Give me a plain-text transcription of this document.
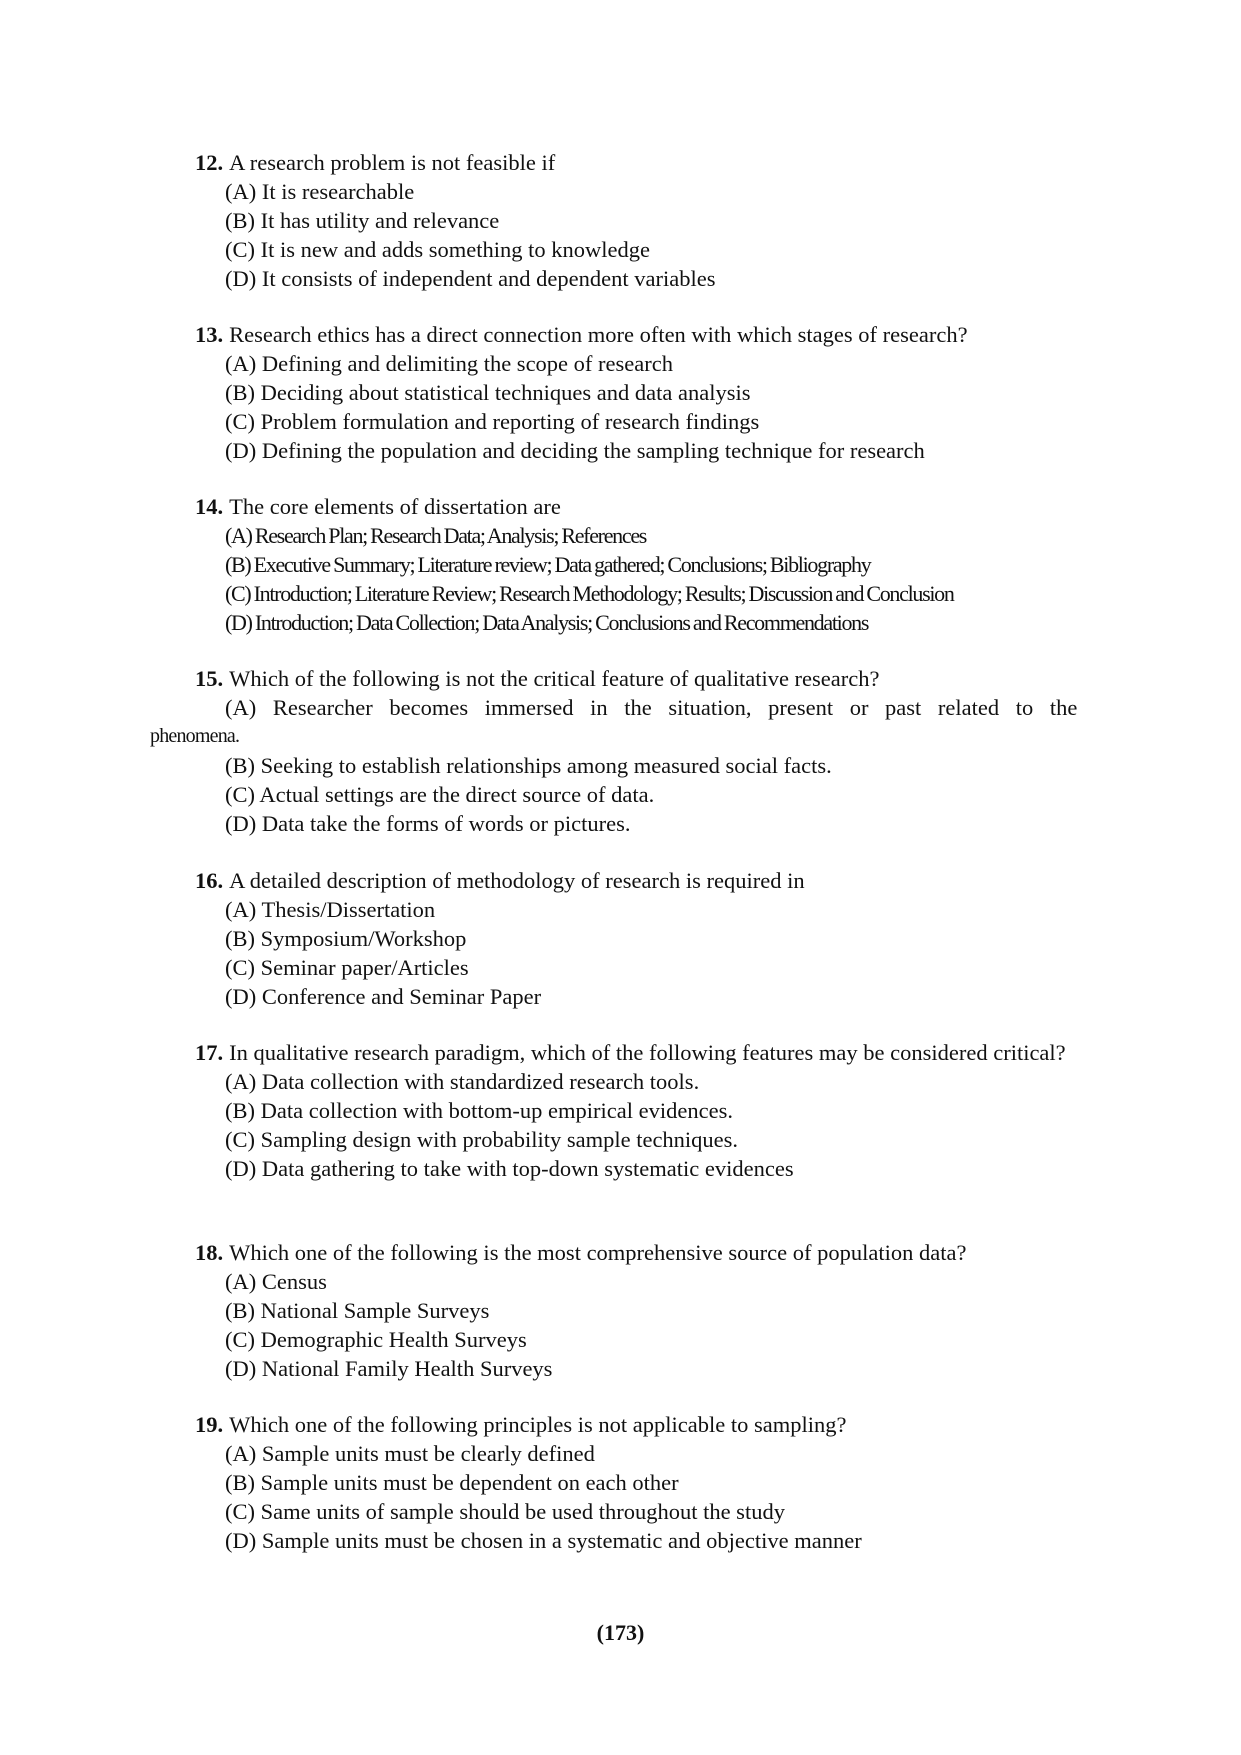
12. A research problem is not feasible if
(A) It is researchable
(B) It has utility and relevance
(C) It is new and adds something to knowledge
(D) It consists of independent and dependent variables
13. Research ethics has a direct connection more often with which stages of research?
(A) Defining and delimiting the scope of research
(B) Deciding about statistical techniques and data analysis
(C) Problem formulation and reporting of research findings
(D) Defining the population and deciding the sampling technique for research
14. The core elements of dissertation are
(A) Research Plan; Research Data; Analysis; References
(B) Executive Summary; Literature review; Data gathered; Conclusions; Bibliography
(C) Introduction; Literature Review; Research Methodology; Results; Discussion and Conclusion
(D) Introduction; Data Collection; Data Analysis; Conclusions and Recommendations
15. Which of the following is not the critical feature of qualitative research?
(A) Researcher becomes immersed in the situation, present or past related to the
phenomena.
(B) Seeking to establish relationships among measured social facts.
(C) Actual settings are the direct source of data.
(D) Data take the forms of words or pictures.
16. A detailed description of methodology of research is required in
(A) Thesis/Dissertation
(B) Symposium/Workshop
(C) Seminar paper/Articles
(D) Conference and Seminar Paper
17. In qualitative research paradigm, which of the following features may be considered critical?
(A) Data collection with standardized research tools.
(B) Data collection with bottom-up empirical evidences.
(C) Sampling design with probability sample techniques.
(D) Data gathering to take with top-down systematic evidences
18. Which one of the following is the most comprehensive source of population data?
(A) Census
(B) National Sample Surveys
(C) Demographic Health Surveys
(D) National Family Health Surveys
19. Which one of the following principles is not applicable to sampling?
(A) Sample units must be clearly defined
(B) Sample units must be dependent on each other
(C) Same units of sample should be used throughout the study
(D) Sample units must be chosen in a systematic and objective manner
(173)
